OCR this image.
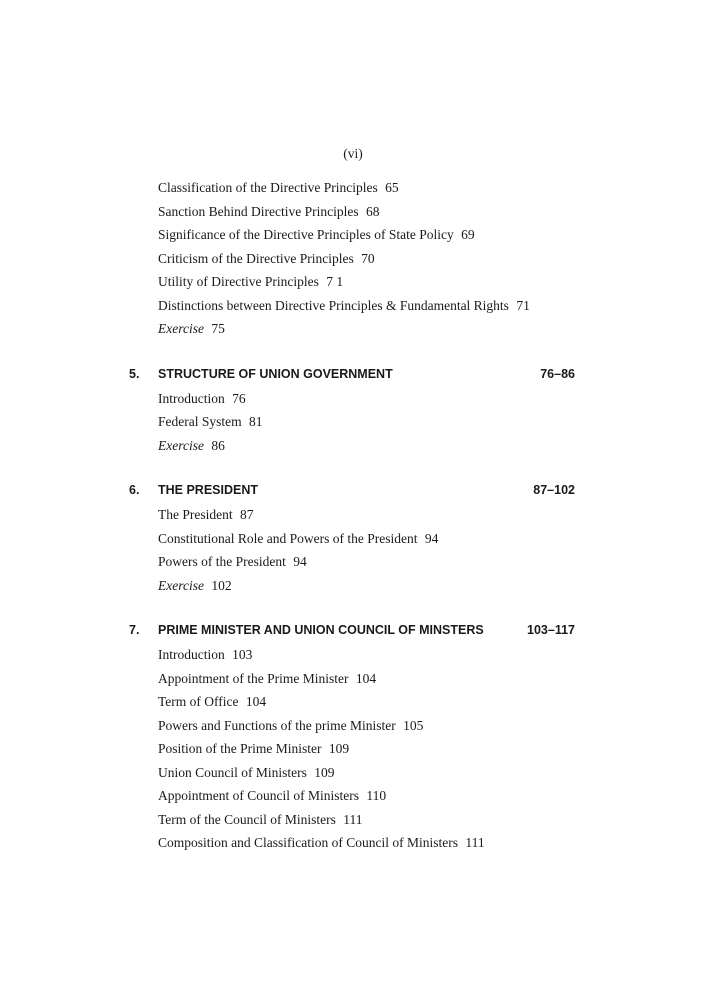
(vi)
Classification of the Directive Principles 65
Sanction Behind Directive Principles 68
Significance of the Directive Principles of State Policy 69
Criticism of the Directive Principles 70
Utility of Directive Principles 7 1
Distinctions between Directive Principles & Fundamental Rights 71
Exercise 75
5. STRUCTURE OF UNION GOVERNMENT	76–86
Introduction 76
Federal System 81
Exercise 86
6. THE PRESIDENT	87–102
The President 87
Constitutional Role and Powers of the President 94
Powers of the President 94
Exercise 102
7. PRIME MINISTER AND UNION COUNCIL OF MINSTERS	103–117
Introduction 103
Appointment of the Prime Minister 104
Term of Office 104
Powers and Functions of the prime Minister 105
Position of the Prime Minister 109
Union Council of Ministers 109
Appointment of Council of Ministers 110
Term of the Council of Ministers 111
Composition and Classification of Council of Ministers 111
